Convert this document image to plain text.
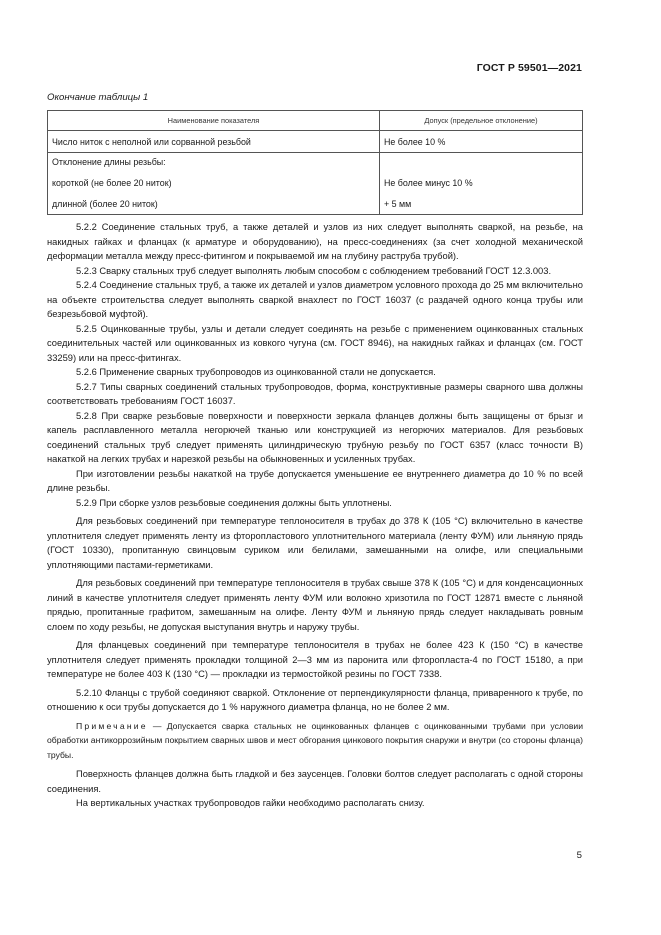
ГОСТ Р 59501—2021
Окончание таблицы 1
Наименование показателя	Допуск (предельное отклонение)
Число ниток с неполной или сорванной резьбой	Не более 10 %
Отклонение длины резьбы:	
короткой (не более 20 ниток)	Не более минус 10 %
длинной (более 20 ниток)	+ 5 мм

5.2.2 Соединение стальных труб, а также деталей и узлов из них следует выполнять сваркой, на резьбе, на накидных гайках и фланцах (к арматуре и оборудованию), на пресс-соединениях (за счет холодной механической деформации металла между пресс-фитингом и покрываемой им на глубину раструба трубой).

5.2.3 Сварку стальных труб следует выполнять любым способом с соблюдением требований ГОСТ 12.3.003.

5.2.4 Соединение стальных труб, а также их деталей и узлов диаметром условного прохода до 25 мм включительно на объекте строительства следует выполнять сваркой внахлест по ГОСТ 16037 (с раздачей одного конца трубы или безрезьбовой муфтой).

5.2.5 Оцинкованные трубы, узлы и детали следует соединять на резьбе с применением оцинкованных стальных соединительных частей или оцинкованных из ковкого чугуна (см. ГОСТ 8946), на накидных гайках и фланцах (см. ГОСТ 33259) или на пресс-фитингах.

5.2.6 Применение сварных трубопроводов из оцинкованной стали не допускается.

5.2.7 Типы сварных соединений стальных трубопроводов, форма, конструктивные размеры сварного шва должны соответствовать требованиям ГОСТ 16037.

5.2.8 При сварке резьбовые поверхности и поверхности зеркала фланцев должны быть защищены от брызг и капель расплавленного металла негорючей тканью или конструкцией из негорючих материалов. Для резьбовых соединений стальных труб следует применять цилиндрическую трубную резьбу по ГОСТ 6357 (класс точности В) накаткой на легких трубах и нарезкой резьбы на обыкновенных и усиленных трубах.

При изготовлении резьбы накаткой на трубе допускается уменьшение ее внутреннего диаметра до 10 % по всей длине резьбы.

5.2.9 При сборке узлов резьбовые соединения должны быть уплотнены.

Для резьбовых соединений при температуре теплоносителя в трубах до 378 К (105 °С) включительно в качестве уплотнителя следует применять ленту из фторопластового уплотнительного материала (ленту ФУМ) или льняную прядь (ГОСТ 10330), пропитанную свинцовым суриком или белилами, замешанными на олифе, или специальными уплотняющими пастами-герметиками.

Для резьбовых соединений при температуре теплоносителя в трубах свыше 378 К (105 °С) и для конденсационных линий в качестве уплотнителя следует применять ленту ФУМ или волокно хризотила по ГОСТ 12871 вместе с льняной прядью, пропитанные графитом, замешанным на олифе. Ленту ФУМ и льняную прядь следует накладывать ровным слоем по ходу резьбы, не допуская выступания внутрь и наружу трубы.

Для фланцевых соединений при температуре теплоносителя в трубах не более 423 К (150 °С) в качестве уплотнителя следует применять прокладки толщиной 2—3 мм из паронита или фторопласта-4 по ГОСТ 15180, а при температуре не более 403 К (130 °С) — прокладки из термостойкой резины по ГОСТ 7338.

5.2.10 Фланцы с трубой соединяют сваркой. Отклонение от перпендикулярности фланца, приваренного к трубе, по отношению к оси трубы допускается до 1 % наружного диаметра фланца, но не более 2 мм.

Примечание — Допускается сварка стальных не оцинкованных фланцев с оцинкованными трубами при условии обработки антикоррозийным покрытием сварных швов и мест обгорания цинкового покрытия снаружи и внутри (со стороны фланца) трубы.

Поверхность фланцев должна быть гладкой и без заусенцев. Головки болтов следует располагать с одной стороны соединения.

На вертикальных участках трубопроводов гайки необходимо располагать снизу.

5
